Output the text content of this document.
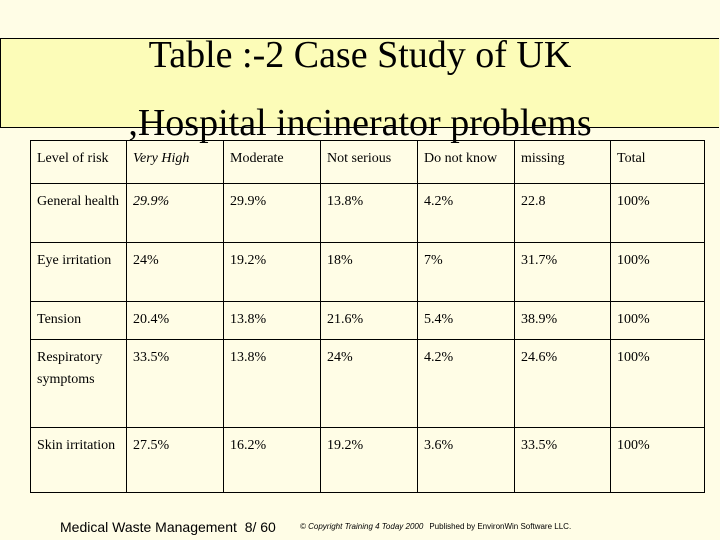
Table :-2 Case Study of UK
,Hospital incinerator problems
Level of risk	Very High	Moderate	Not serious	Do not know	missing	Total
General health	29.9%	29.9%	13.8%	4.2%	22.8	100%
Eye irritation	24%	19.2%	18%	7%	31.7%	100%
Tension	20.4%	13.8%	21.6%	5.4%	38.9%	100%
Respiratory symptoms	33.5%	13.8%	24%	4.2%	24.6%	100%
Skin irritation	27.5%	16.2%	19.2%	3.6%	33.5%	100%
Medical Waste Management 8/ 60	© Copyright Training 4 Today 2000 Published by EnvironWin Software LLC.
